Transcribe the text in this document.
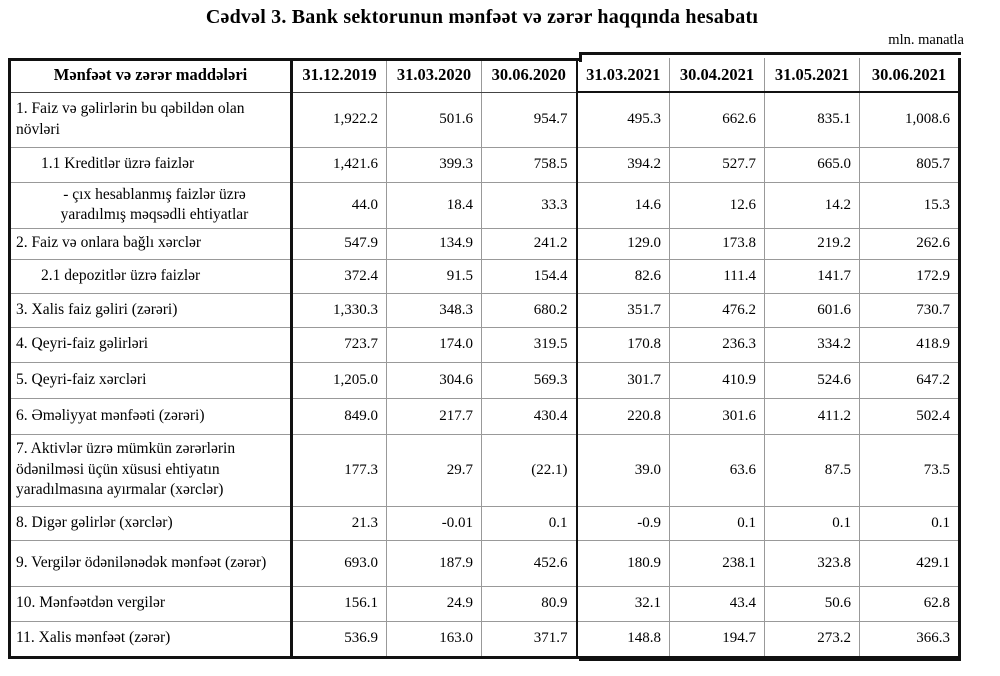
Cədvəl 3. Bank sektorunun mənfəət və zərər haqqında hesabatı
mln. manatla
Mənfəət və zərər maddələri	31.12.2019	31.03.2020	30.06.2020	31.03.2021	30.04.2021	31.05.2021	30.06.2021
1. Faiz və gəlirlərin bu qəbildən olan növləri	1,922.2	501.6	954.7	495.3	662.6	835.1	1,008.6
1.1 Kreditlər üzrə faizlər	1,421.6	399.3	758.5	394.2	527.7	665.0	805.7
- çıx hesablanmış faizlər üzrə yaradılmış məqsədli ehtiyatlar	44.0	18.4	33.3	14.6	12.6	14.2	15.3
2. Faiz və onlara bağlı xərclər	547.9	134.9	241.2	129.0	173.8	219.2	262.6
2.1 depozitlər üzrə faizlər	372.4	91.5	154.4	82.6	111.4	141.7	172.9
3. Xalis faiz gəliri (zərəri)	1,330.3	348.3	680.2	351.7	476.2	601.6	730.7
4. Qeyri-faiz gəlirləri	723.7	174.0	319.5	170.8	236.3	334.2	418.9
5. Qeyri-faiz xərcləri	1,205.0	304.6	569.3	301.7	410.9	524.6	647.2
6. Əməliyyat mənfəəti (zərəri)	849.0	217.7	430.4	220.8	301.6	411.2	502.4
7. Aktivlər üzrə mümkün zərərlərin ödənilməsi üçün xüsusi ehtiyatın yaradılmasına ayırmalar (xərclər)	177.3	29.7	(22.1)	39.0	63.6	87.5	73.5
8. Digər gəlirlər (xərclər)	21.3	-0.01	0.1	-0.9	0.1	0.1	0.1
9. Vergilər ödənilənədək mənfəət (zərər)	693.0	187.9	452.6	180.9	238.1	323.8	429.1
10. Mənfəətdən vergilər	156.1	24.9	80.9	32.1	43.4	50.6	62.8
11. Xalis mənfəət (zərər)	536.9	163.0	371.7	148.8	194.7	273.2	366.3
